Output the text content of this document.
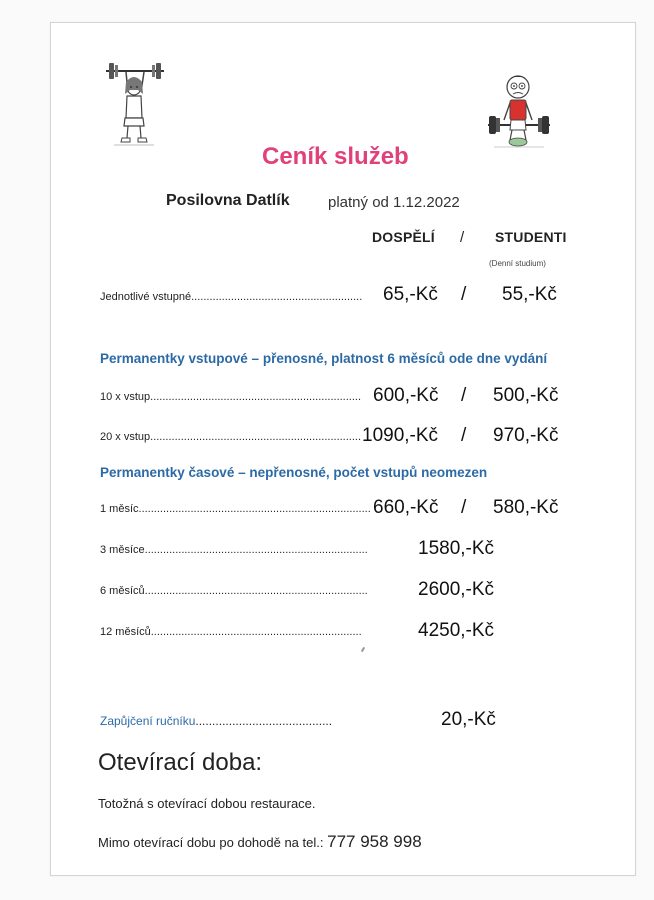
Ceník služeb
Posilovna Datlík	platný od 1.12.2022
DOSPĚLÍ / STUDENTI
(Denní studium)
Jednotlivé vstupné........................................................ 65,-Kč / 55,-Kč
Permanentky vstupové – přenosné, platnost 6 měsíců ode dne vydání
10 x vstup..................................................................... 600,-Kč / 500,-Kč
20 x vstup..................................................................... 1090,-Kč / 970,-Kč
Permanentky časové – nepřenosné, počet vstupů neomezen
1 měsíc............................................................................ 660,-Kč / 580,-Kč
3 měsíce.........................................................................	1580,-Kč
6 měsíců.........................................................................	2600,-Kč
12 měsíců.....................................................................	4250,-Kč
Zapůjčení ručníku.........................................	20,-Kč
Otevírací doba:
Totožná s otevírací dobou restaurace.
Mimo otevírací dobu po dohodě na tel.: 777 958 998
